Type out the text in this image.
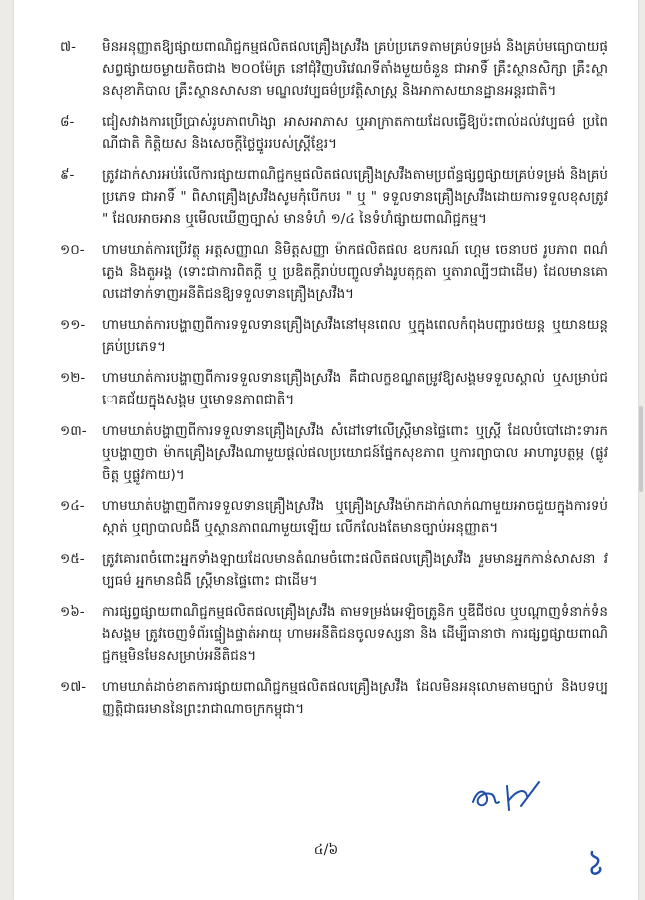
៧-	មិនអនុញ្ញាតឱ្យផ្សាយពាណិជ្ជកម្មផលិតផលគ្រឿងស្រវឹង គ្រប់ប្រភេទតាមគ្រប់ទម្រង់ និងគ្រប់មធ្យោបាយផ្សព្វផ្សាយចម្ងាយតិចជាង ២០០ម៉ែត្រ នៅជុំវិញបរិវេណទីតាំងមួយចំនួន ជាអាទិ៍ គ្រឹះស្ថានសិក្សា គ្រឹះស្ថានសុខាភិបាល គ្រឹះស្ថានសាសនា មណ្ឌលវប្បធម៌ប្រវត្តិសាស្ត្រ និងអាកាសយានដ្ឋានអន្តរជាតិ។
៨-	ជៀសវាងការប្រើប្រាស់រូបភាពហិង្សា អាសអាភាស ឬអាក្រាតកាយដែលធ្វើឱ្យប៉ះពាល់ដល់វប្បធម៌ ប្រពៃណីជាតិ កិត្តិយស និងសេចក្តីថ្លៃថ្នូររបស់ស្ត្រីខ្មែរ។
៩-	ត្រូវដាក់សារអប់រំលើការផ្សាយពាណិជ្ជកម្មផលិតផលគ្រឿងស្រវឹងតាមប្រព័ន្ធផ្សព្វផ្សាយគ្រប់ទម្រង់ និងគ្រប់ប្រភេទ ជាអាទិ៍ " ពិសាគ្រឿងស្រវឹងសូមកុំបើកបរ " ឬ " ទទួលទានគ្រឿងស្រវឹងដោយការទទួលខុសត្រូវ " ដែលអាចអាន ឬមើលឃើញច្បាស់ មានទំហំ ១/៤ នៃទំហំផ្សាយពាណិជ្ជកម្ម។
១០-	ហាមឃាត់ការប្រើវត្ថុ អត្តសញ្ញាណ និមិត្តសញ្ញា ម៉ាកផលិតផល ឧបករណ៍ ហ្គេម ចេនាបថ រូបភាព ពណ៌ ភ្លេង និងតួអង្គ (ទោះជាការពិតក្តី ឬ ប្រឌិតក្តីរាប់បញ្ចូលទាំងរូបតុក្កតា ឬតារាល្បីៗជាដើម) ដែលមានគោលដៅទាក់ទាញអនីតិជនឱ្យទទួលទានគ្រឿងស្រវឹង។
១១-	ហាមឃាត់ការបង្ហាញពីការទទួលទានគ្រឿងស្រវឹងនៅមុនពេល ឬក្នុងពេលកំពុងបញ្ជារថយន្ត ឬយានយន្តគ្រប់ប្រភេទ។
១២-	ហាមឃាត់ការបង្ហាញពីការទទួលទានគ្រឿងស្រវឹង គឺជាលក្ខខណ្ឌតម្រូវឱ្យសង្គមទទួលស្គាល់ ឬសម្រាប់ជោគជ័យក្នុងសង្គម ឬមោទនភាពជាតិ។
១៣-	ហាមឃាត់បង្ហាញពីការទទួលទានគ្រឿងស្រវឹង សំដៅទៅលើស្ត្រីមានផ្ទៃពោះ ឬស្ត្រី ដែលបំបៅដោះទារក ឬបង្ហាញថា ម៉ាកគ្រឿងស្រវឹងណាមួយផ្តល់ផលប្រយោជន៍ផ្នែកសុខភាព ឬការព្យាបាល អាហារូបត្ថម្ភ (ផ្លូវចិត្ត ឬផ្លូវកាយ)។
១៤-	ហាមឃាត់បង្ហាញពីការទទួលទានគ្រឿងស្រវឹង ឬគ្រឿងស្រវឹងម៉ាកដាក់លាក់ណាមួយអាចជួយក្នុងការទប់ស្កាត់ ឬព្យាបាលជំងឺ ឬស្ថានភាពណាមួយឡើយ លើកលែងតែមានច្បាប់អនុញ្ញាត។
១៥-	ត្រូវគោរពចំពោះអ្នកទាំងឡាយដែលមានតំណមចំពោះផលិតផលគ្រឿងស្រវឹង រួមមានអ្នកកាន់សាសនា វប្បធម៌ អ្នកមានជំងឺ ស្ត្រីមានផ្ទៃពោះ ជាដើម។
១៦-	ការផ្សព្វផ្សាយពាណិជ្ជកម្មផលិតផលគ្រឿងស្រវឹង តាមទម្រង់អេឡិចត្រូនិក ឬឌីជីថល ឬបណ្តាញទំនាក់ទំនងសង្គម ត្រូវចេញទំព័រផ្ទៀងផ្ទាត់អាយុ ហាមអនីតិជនចូលទស្សនា និង ដើម្បីធានាថា ការផ្សព្វផ្សាយពាណិជ្ជកម្មមិនមែនសម្រាប់អនីតិជន។
១៧-	ហាមឃាត់ដាច់ខាតការផ្សាយពាណិជ្ជកម្មផលិតផលគ្រឿងស្រវឹង ដែលមិនអនុលោមតាមច្បាប់ និងបទប្បញ្ញត្តិជាធរមាននៃព្រះរាជាណាចក្រកម្ពុជា។
៤/៦
